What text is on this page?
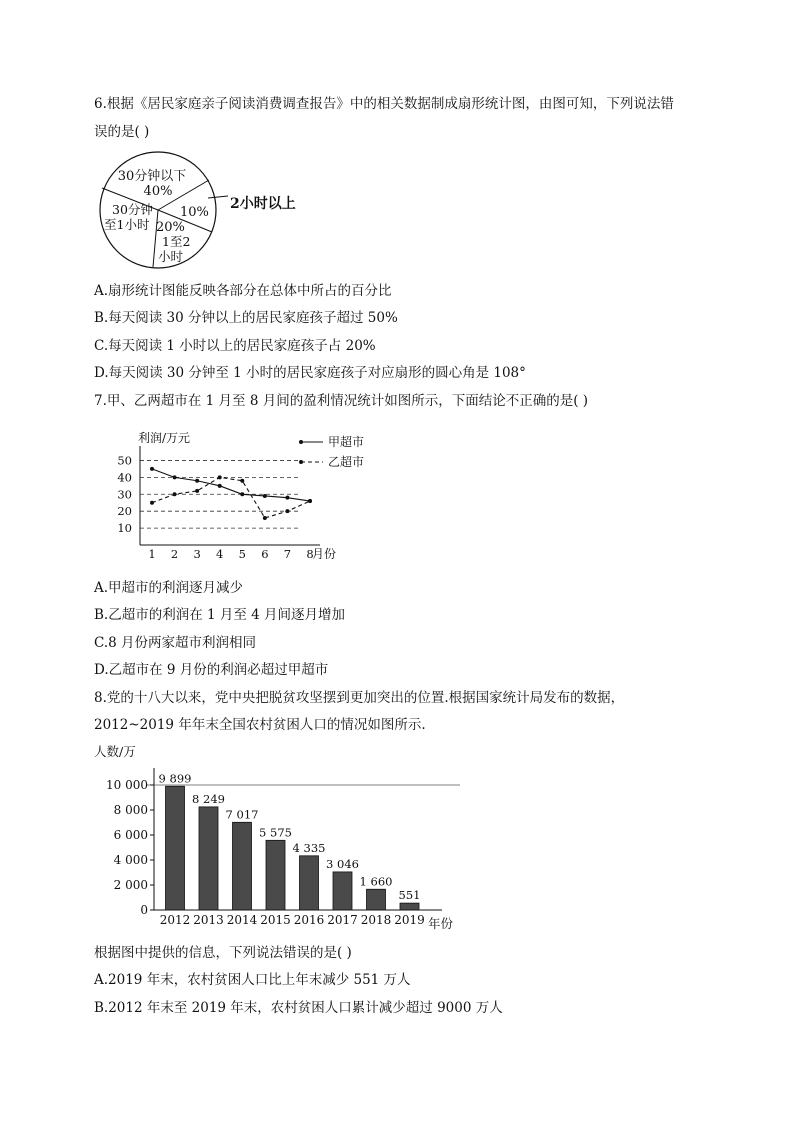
6.根据《居民家庭亲子阅读消费调查报告》中的相关数据制成扇形统计图，由图可知，下列说法错
误的是( )
30分钟以下
40%
30分钟
至1小时 20%
1至2
小时
10%
2小时以上
A.扇形统计图能反映各部分在总体中所占的百分比
B.每天阅读 30 分钟以上的居民家庭孩子超过 50%
C.每天阅读 1 小时以上的居民家庭孩子占 20%
D.每天阅读 30 分钟至 1 小时的居民家庭孩子对应扇形的圆心角是 108°
7.甲、乙两超市在 1 月至 8 月间的盈利情况统计如图所示，下面结论不正确的是( )
利润/万元
月份
10
20
30
40
50
1 2 3 4 5 6 7 8
甲超市
乙超市
A.甲超市的利润逐月减少
B.乙超市的利润在 1 月至 4 月间逐月增加
C.8 月份两家超市利润相同
D.乙超市在 9 月份的利润必超过甲超市
8.党的十八大以来，党中央把脱贫攻坚摆到更加突出的位置.根据国家统计局发布的数据，
2012~2019 年年末全国农村贫困人口的情况如图所示.
人数/万
年份
0
2 000
4 000
6 000
8 000
10 000 9 899
2012
8 249
2013
7 017
2014
5 575
2015
4 335
2016
3 046
2017
1 660
2018
551
2019
根据图中提供的信息，下列说法错误的是( )
A.2019 年末，农村贫困人口比上年末减少 551 万人
B.2012 年末至 2019 年末，农村贫困人口累计减少超过 9000 万人
